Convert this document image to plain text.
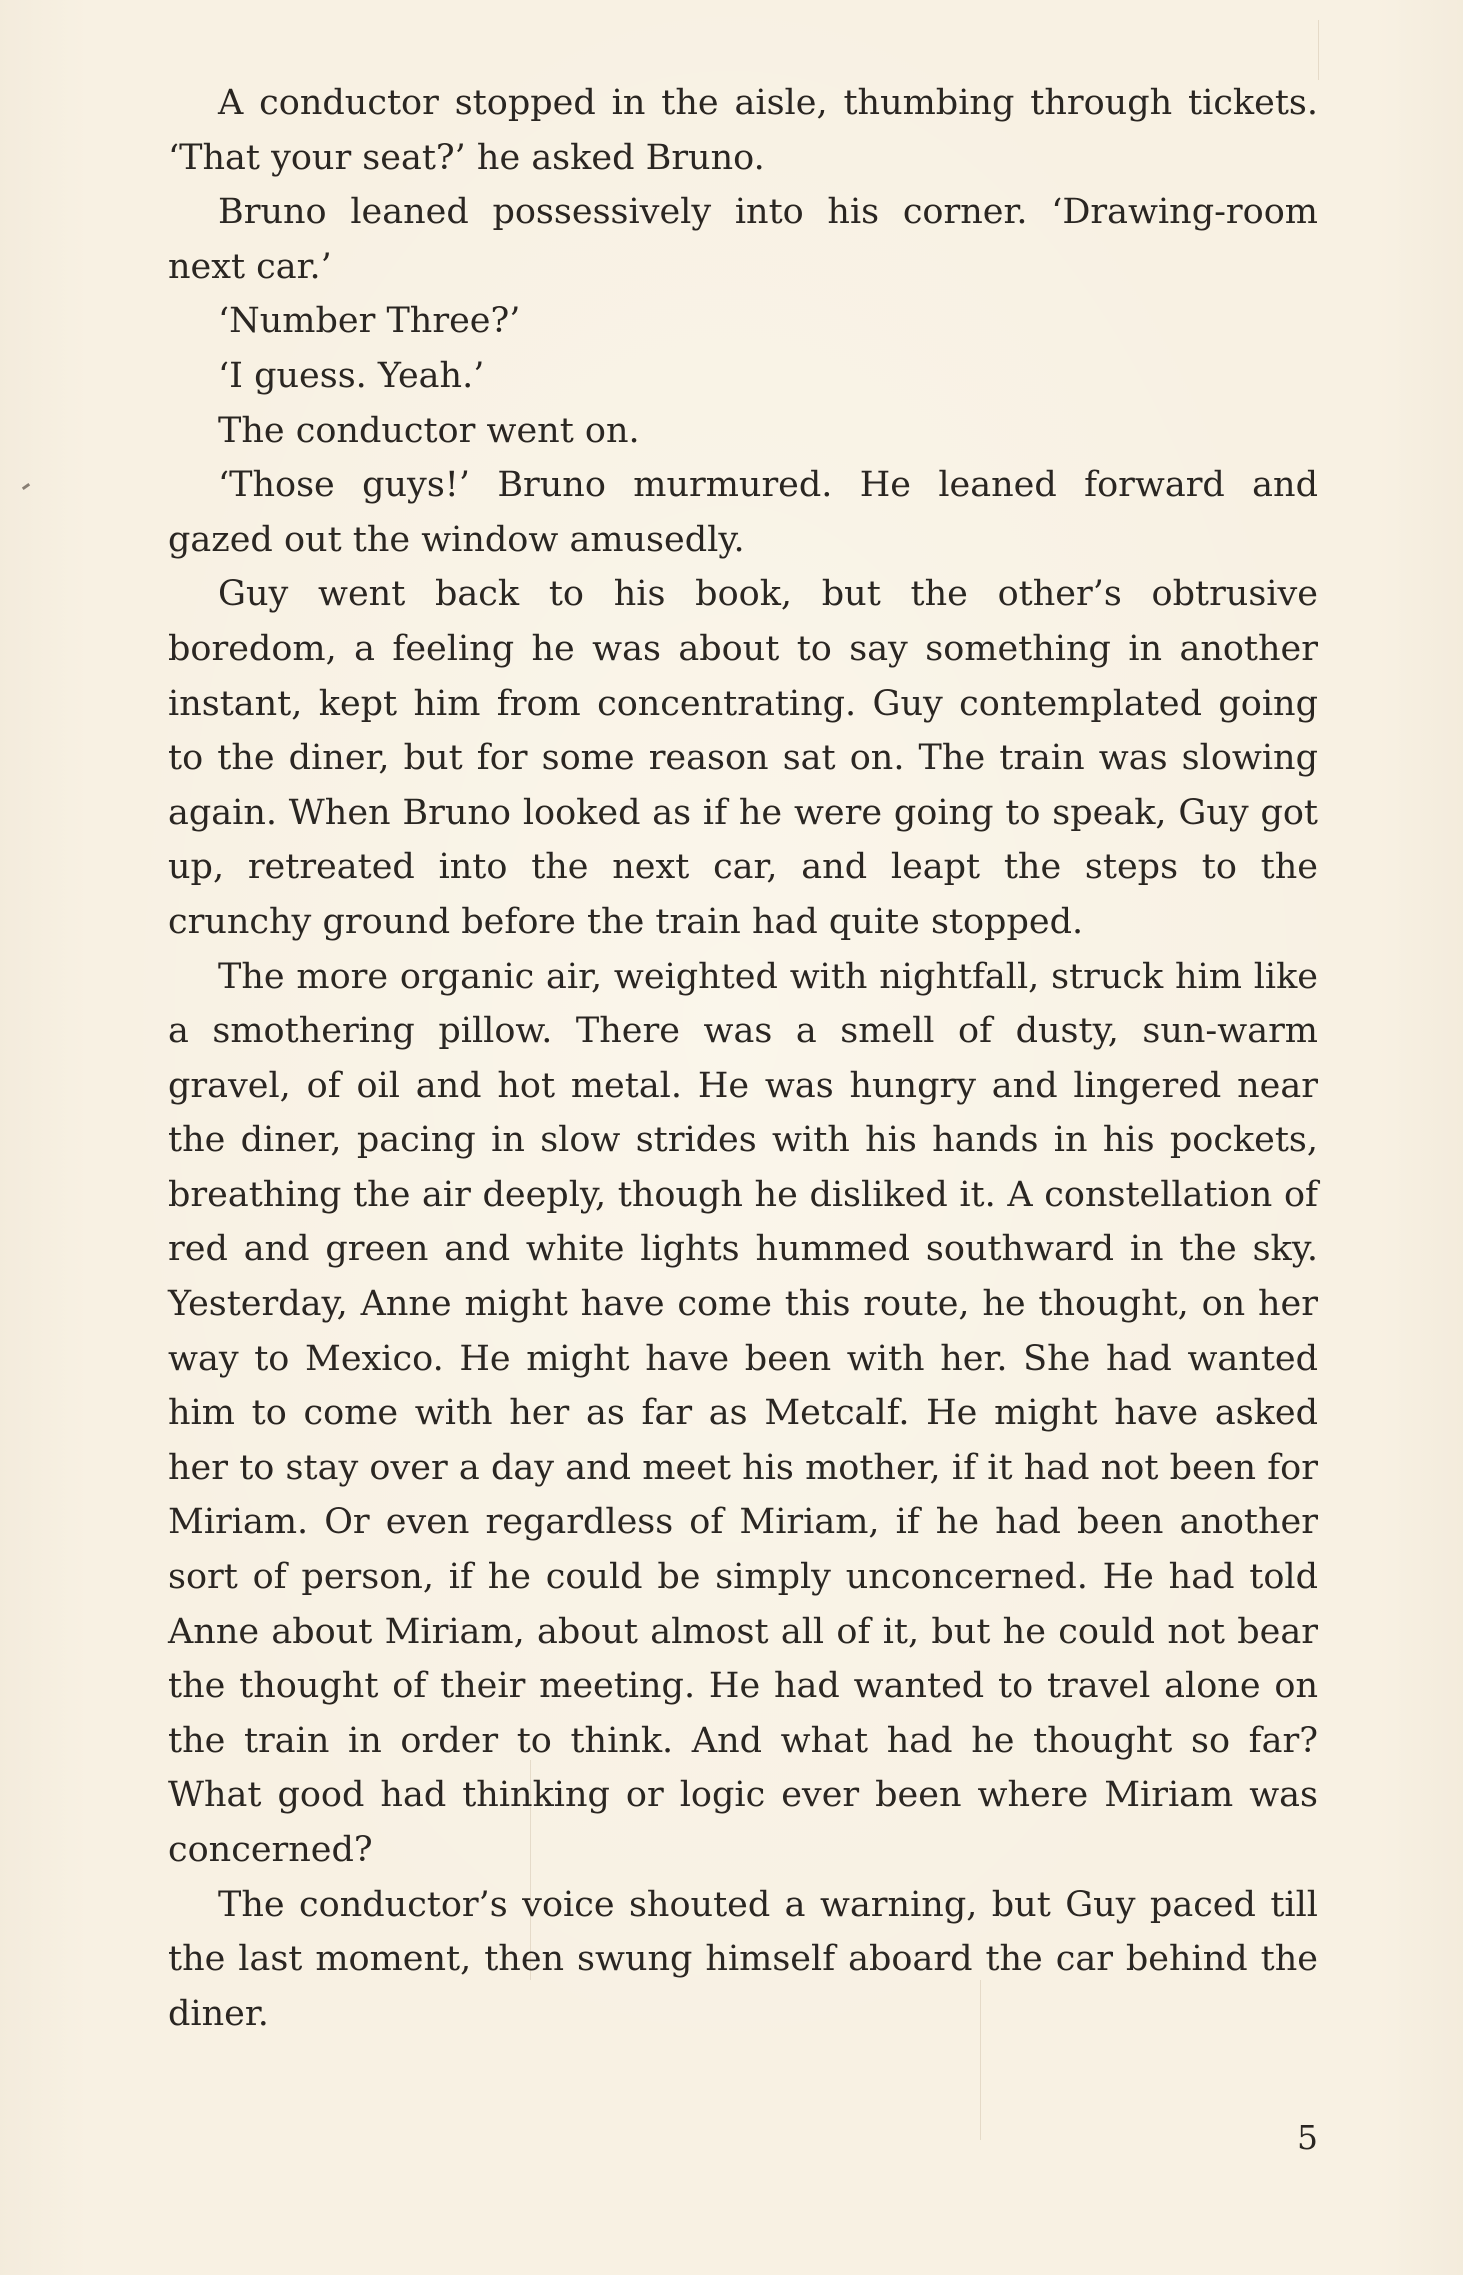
A conductor stopped in the aisle, thumbing through tickets. ‘That your seat?’ he asked Bruno.

Bruno leaned possessively into his corner. ‘Drawing-room next car.’

‘Number Three?’

‘I guess. Yeah.’

The conductor went on.

‘Those guys!’ Bruno murmured. He leaned forward and gazed out the window amusedly.

Guy went back to his book, but the other’s obtrusive boredom, a feeling he was about to say something in another instant, kept him from concentrating. Guy contemplated going to the diner, but for some reason sat on. The train was slowing again. When Bruno looked as if he were going to speak, Guy got up, retreated into the next car, and leapt the steps to the crunchy ground before the train had quite stopped.

The more organic air, weighted with nightfall, struck him like a smothering pillow. There was a smell of dusty, sun-warm gravel, of oil and hot metal. He was hungry and lingered near the diner, pacing in slow strides with his hands in his pockets, breathing the air deeply, though he disliked it. A constellation of red and green and white lights hummed southward in the sky. Yesterday, Anne might have come this route, he thought, on her way to Mexico. He might have been with her. She had wanted him to come with her as far as Metcalf. He might have asked her to stay over a day and meet his mother, if it had not been for Miriam. Or even regardless of Miriam, if he had been another sort of person, if he could be simply unconcerned. He had told Anne about Miriam, about almost all of it, but he could not bear the thought of their meeting. He had wanted to travel alone on the train in order to think. And what had he thought so far? What good had thinking or logic ever been where Miriam was concerned?

The conductor’s voice shouted a warning, but Guy paced till the last moment, then swung himself aboard the car behind the diner.

5
